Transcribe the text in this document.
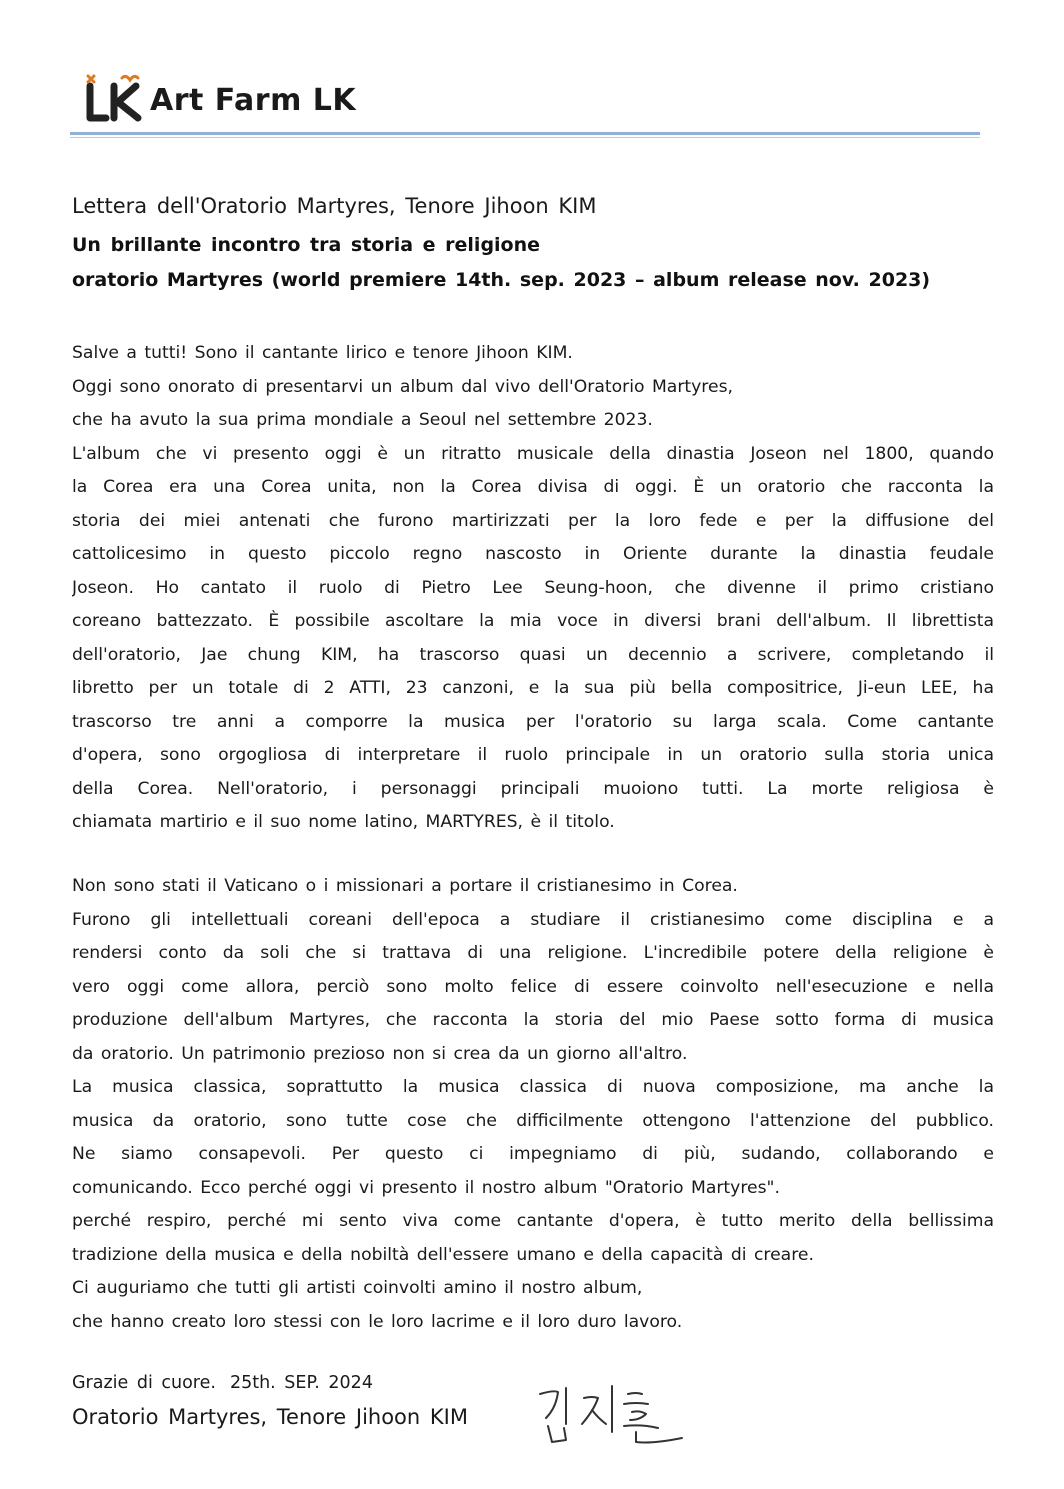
Art Farm LK
Lettera dell'Oratorio Martyres, Tenore Jihoon KIM
Un brillante incontro tra storia e religione
oratorio Martyres (world premiere 14th. sep. 2023 – album release nov. 2023)
Salve a tutti! Sono il cantante lirico e tenore Jihoon KIM.
Oggi sono onorato di presentarvi un album dal vivo dell'Oratorio Martyres,
che ha avuto la sua prima mondiale a Seoul nel settembre 2023.
L'album che vi presento oggi è un ritratto musicale della dinastia Joseon nel 1800, quando
la Corea era una Corea unita, non la Corea divisa di oggi. È un oratorio che racconta la
storia dei miei antenati che furono martirizzati per la loro fede e per la diffusione del
cattolicesimo in questo piccolo regno nascosto in Oriente durante la dinastia feudale
Joseon. Ho cantato il ruolo di Pietro Lee Seung-hoon, che divenne il primo cristiano
coreano battezzato. È possibile ascoltare la mia voce in diversi brani dell'album. Il librettista
dell'oratorio, Jae chung KIM, ha trascorso quasi un decennio a scrivere, completando il
libretto per un totale di 2 ATTI, 23 canzoni, e la sua più bella compositrice, Ji-eun LEE, ha
trascorso tre anni a comporre la musica per l'oratorio su larga scala. Come cantante
d'opera, sono orgogliosa di interpretare il ruolo principale in un oratorio sulla storia unica
della Corea. Nell'oratorio, i personaggi principali muoiono tutti. La morte religiosa è
chiamata martirio e il suo nome latino, MARTYRES, è il titolo.
Non sono stati il Vaticano o i missionari a portare il cristianesimo in Corea.
Furono gli intellettuali coreani dell'epoca a studiare il cristianesimo come disciplina e a
rendersi conto da soli che si trattava di una religione. L'incredibile potere della religione è
vero oggi come allora, perciò sono molto felice di essere coinvolto nell'esecuzione e nella
produzione dell'album Martyres, che racconta la storia del mio Paese sotto forma di musica
da oratorio. Un patrimonio prezioso non si crea da un giorno all'altro.
La musica classica, soprattutto la musica classica di nuova composizione, ma anche la
musica da oratorio, sono tutte cose che difficilmente ottengono l'attenzione del pubblico.
Ne siamo consapevoli. Per questo ci impegniamo di più, sudando, collaborando e
comunicando. Ecco perché oggi vi presento il nostro album "Oratorio Martyres".
perché respiro, perché mi sento viva come cantante d'opera, è tutto merito della bellissima
tradizione della musica e della nobiltà dell'essere umano e della capacità di creare.
Ci auguriamo che tutti gli artisti coinvolti amino il nostro album,
che hanno creato loro stessi con le loro lacrime e il loro duro lavoro.
Grazie di cuore. 25th. SEP. 2024
Oratorio Martyres, Tenore Jihoon KIM
